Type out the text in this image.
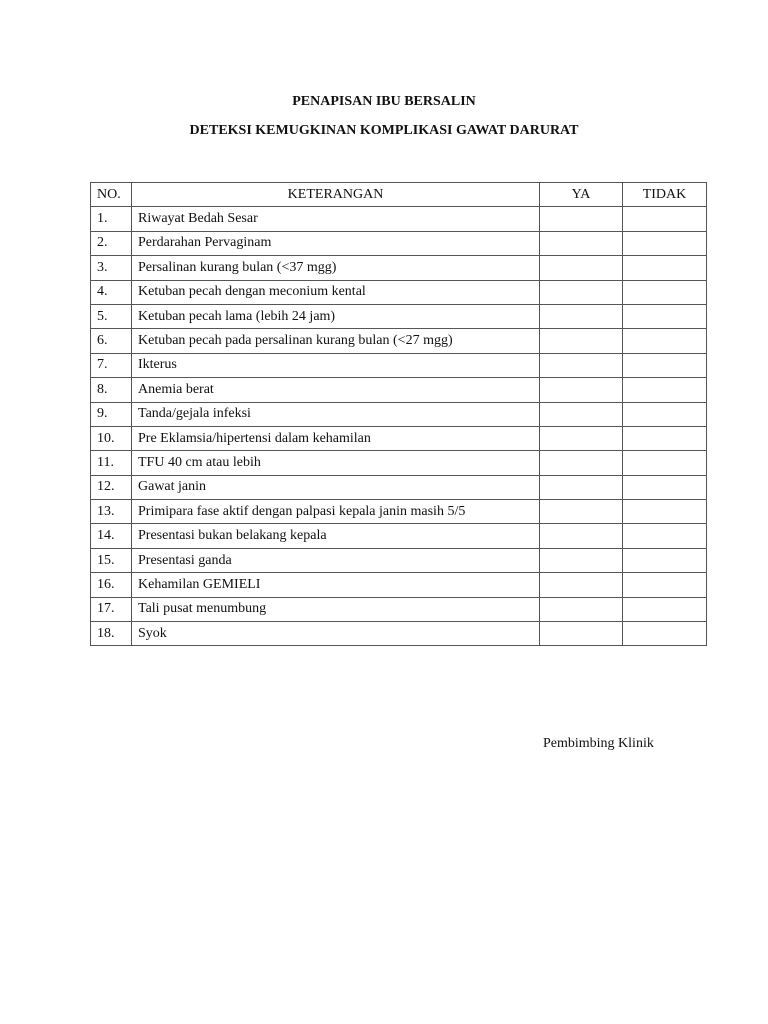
PENAPISAN IBU BERSALIN
DETEKSI KEMUGKINAN KOMPLIKASI GAWAT DARURAT
NO.	KETERANGAN	YA	TIDAK
1.	Riwayat Bedah Sesar		
2.	Perdarahan Pervaginam		
3.	Persalinan kurang bulan (<37 mgg)		
4.	Ketuban pecah dengan meconium kental		
5.	Ketuban pecah lama (lebih 24 jam)		
6.	Ketuban pecah pada persalinan kurang bulan (<27 mgg)		
7.	Ikterus		
8.	Anemia berat		
9.	Tanda/gejala infeksi		
10.	Pre Eklamsia/hipertensi dalam kehamilan		
11.	TFU 40 cm atau lebih		
12.	Gawat janin		
13.	Primipara fase aktif dengan palpasi kepala janin masih 5/5		
14.	Presentasi bukan belakang kepala		
15.	Presentasi ganda		
16.	Kehamilan GEMIELI		
17.	Tali pusat menumbung		
18.	Syok		
Pembimbing Klinik
